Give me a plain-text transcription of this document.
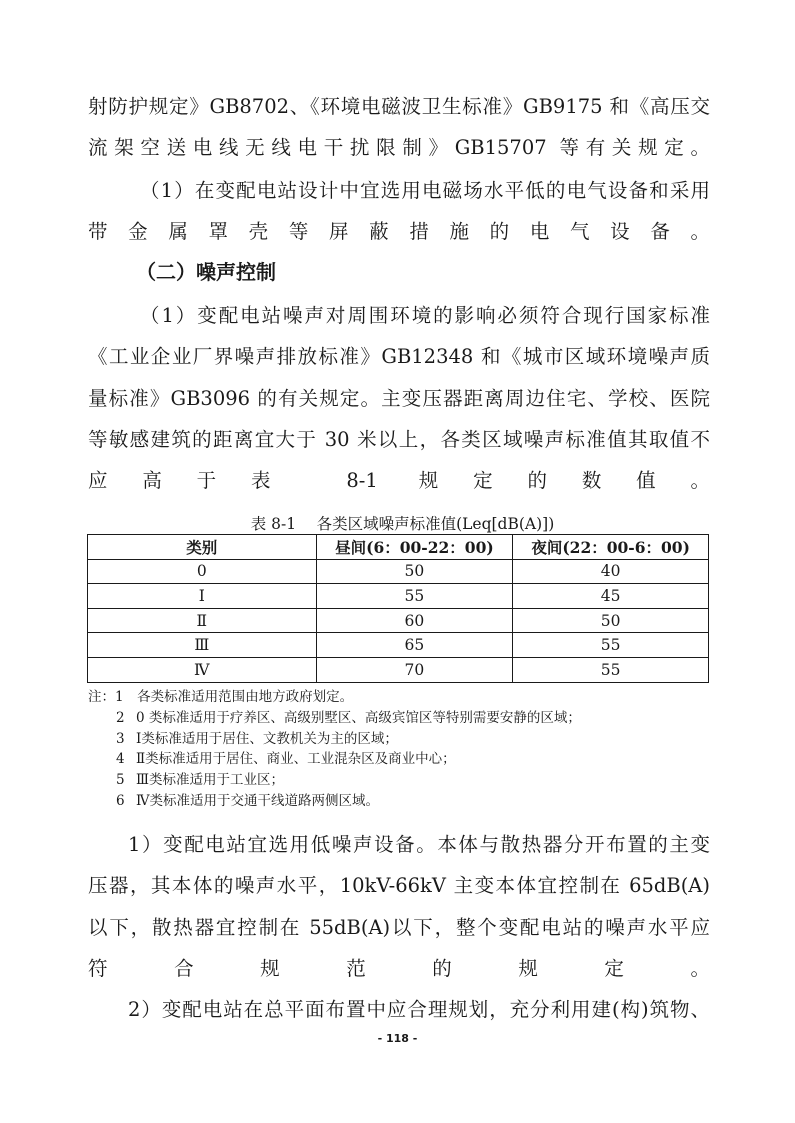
射防护规定》GB8702、《环境电磁波卫生标准》GB9175 和《高压交
流架空送电线无线电干扰限制》GB15707 等有关规定。
（1）在变配电站设计中宜选用电磁场水平低的电气设备和采用
带金属罩壳等屏蔽措施的电气设备。
（二）噪声控制
（1）变配电站噪声对周围环境的影响必须符合现行国家标准
《工业企业厂界噪声排放标准》GB12348 和《城市区域环境噪声质
量标准》GB3096 的有关规定。主变压器距离周边住宅、学校、医院
等敏感建筑的距离宜大于 30 米以上，各类区域噪声标准值其取值不
应高于表 8-1 规定的数值。

表 8-1　 各类区域噪声标准值(Leq[dB(A)])

类别	昼间(6：00-22：00)	夜间(22：00-6：00)
0	50	40
Ⅰ	55	45
Ⅱ	60	50
Ⅲ	65	55
Ⅳ	70	55
注：1　 各类标准适用范围由地方政府划定。
2 0 类标准适用于疗养区、高级别墅区、高级宾馆区等特别需要安静的区域；
3 Ⅰ类标准适用于居住、文教机关为主的区域；
4 Ⅱ类标准适用于居住、商业、工业混杂区及商业中心；
5 Ⅲ类标准适用于工业区；
6 Ⅳ类标准适用于交通干线道路两侧区域。
1）变配电站宜选用低噪声设备。本体与散热器分开布置的主变
压器，其本体的噪声水平，10kV-66kV 主变本体宜控制在 65dB(A)
以下，散热器宜控制在 55dB(A)以下，整个变配电站的噪声水平应
符合规范的规定。
2）变配电站在总平面布置中应合理规划，充分利用建(构)筑物、
- 118 -
